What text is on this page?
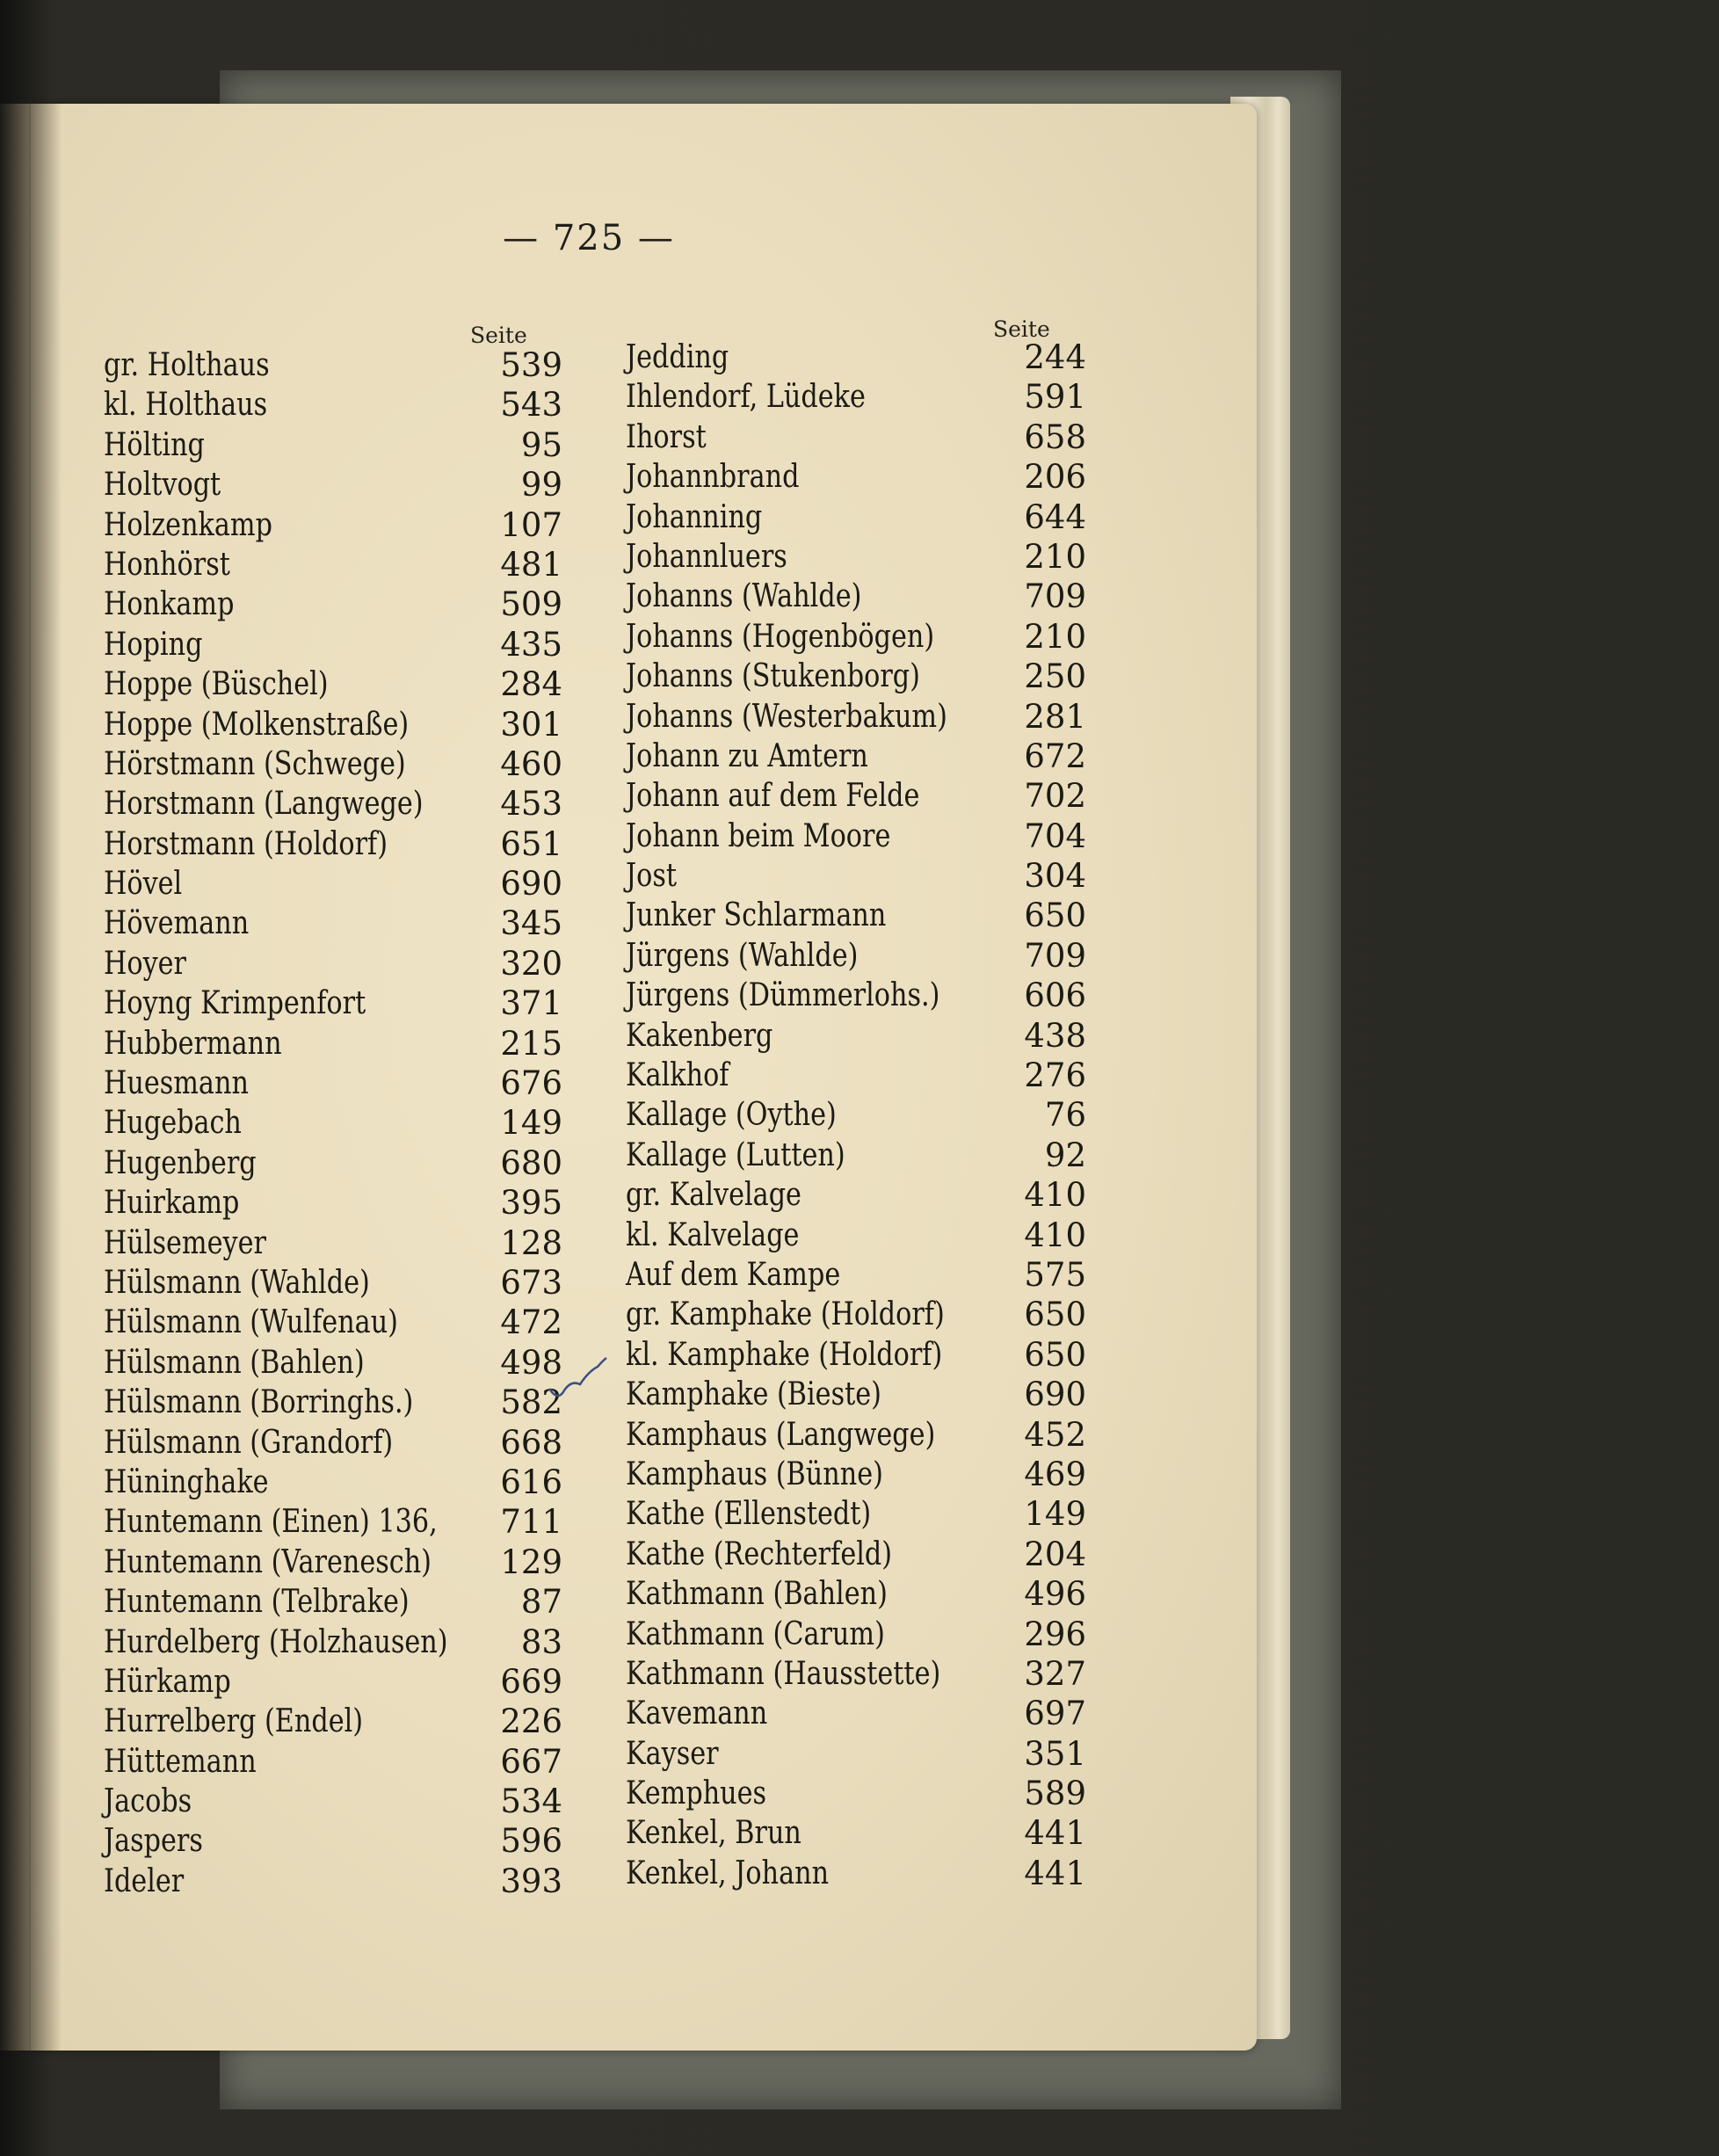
— 725 —
Seite	Seite
gr. Holthaus	539
kl. Holthaus	543
Hölting	95
Holtvogt	99
Holzenkamp	107
Honhörst	481
Honkamp	509
Hoping	435
Hoppe (Büschel)	284
Hoppe (Molkenstraße)	301
Hörstmann (Schwege)	460
Horstmann (Langwege) 453
Horstmann (Holdorf)	651
Hövel	690
Hövemann	345
Hoyer	320
Hoyng Krimpenfort	371
Hubbermann	215
Huesmann	676
Hugebach	149
Hugenberg	680
Huirkamp	395
Hülsemeyer	128
Hülsmann (Wahlde)	673
Hülsmann (Wulfenau)	472
Hülsmann (Bahlen)	498
Hülsmann (Borringhs.)	582
Hülsmann (Grandorf)	668
Hüninghake	616
Huntemann (Einen) 136, 711
Huntemann (Varenesch) 129
Huntemann (Telbrake)	87
Hurdelberg (Holzhausen) 83
Hürkamp	669
Hurrelberg (Endel)	226
Hüttemann	667
Jacobs	534
Jaspers	596
Ideler	393
Jedding	244
Ihlendorf, Lüdeke	591
Ihorst	658
Johannbrand	206
Johanning	644
Johannluers	210
Johanns (Wahlde)	709
Johanns (Hogenbögen)	210
Johanns (Stukenborg)	250
Johanns (Westerbakum) 281
Johann zu Amtern	672
Johann auf dem Felde	702
Johann beim Moore	704
Jost	304
Junker Schlarmann	650
Jürgens (Wahlde)	709
Jürgens (Dümmerlohs.)	606
Kakenberg	438
Kalkhof	276
Kallage (Oythe)	76
Kallage (Lutten)	92
gr. Kalvelage	410
kl. Kalvelage	410
Auf dem Kampe	575
gr. Kamphake (Holdorf) 650
kl. Kamphake (Holdorf)	650
Kamphake (Bieste)	690
Kamphaus (Langwege)	452
Kamphaus (Bünne)	469
Kathe (Ellenstedt)	149
Kathe (Rechterfeld)	204
Kathmann (Bahlen)	496
Kathmann (Carum)	296
Kathmann (Hausstette)	327
Kavemann	697
Kayser	351
Kemphues	589
Kenkel, Brun	441
Kenkel, Johann	441
